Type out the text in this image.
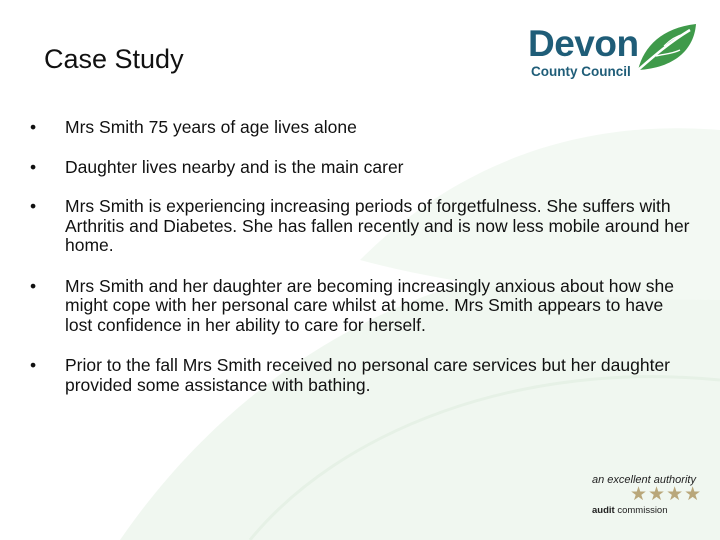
Case Study	Devon
County Council
• Mrs Smith 75 years of age lives alone
• Daughter lives nearby and is the main carer
• Mrs Smith is experiencing increasing periods of forgetfulness. She suffers with Arthritis and Diabetes. She has fallen recently and is now less mobile around her home.
• Mrs Smith and her daughter are becoming increasingly anxious about how she might cope with her personal care whilst at home. Mrs Smith appears to have lost confidence in her ability to care for herself.
• Prior to the fall Mrs Smith received no personal care services but her daughter provided some assistance with bathing.
an excellent authority
★★★★
audit commission
